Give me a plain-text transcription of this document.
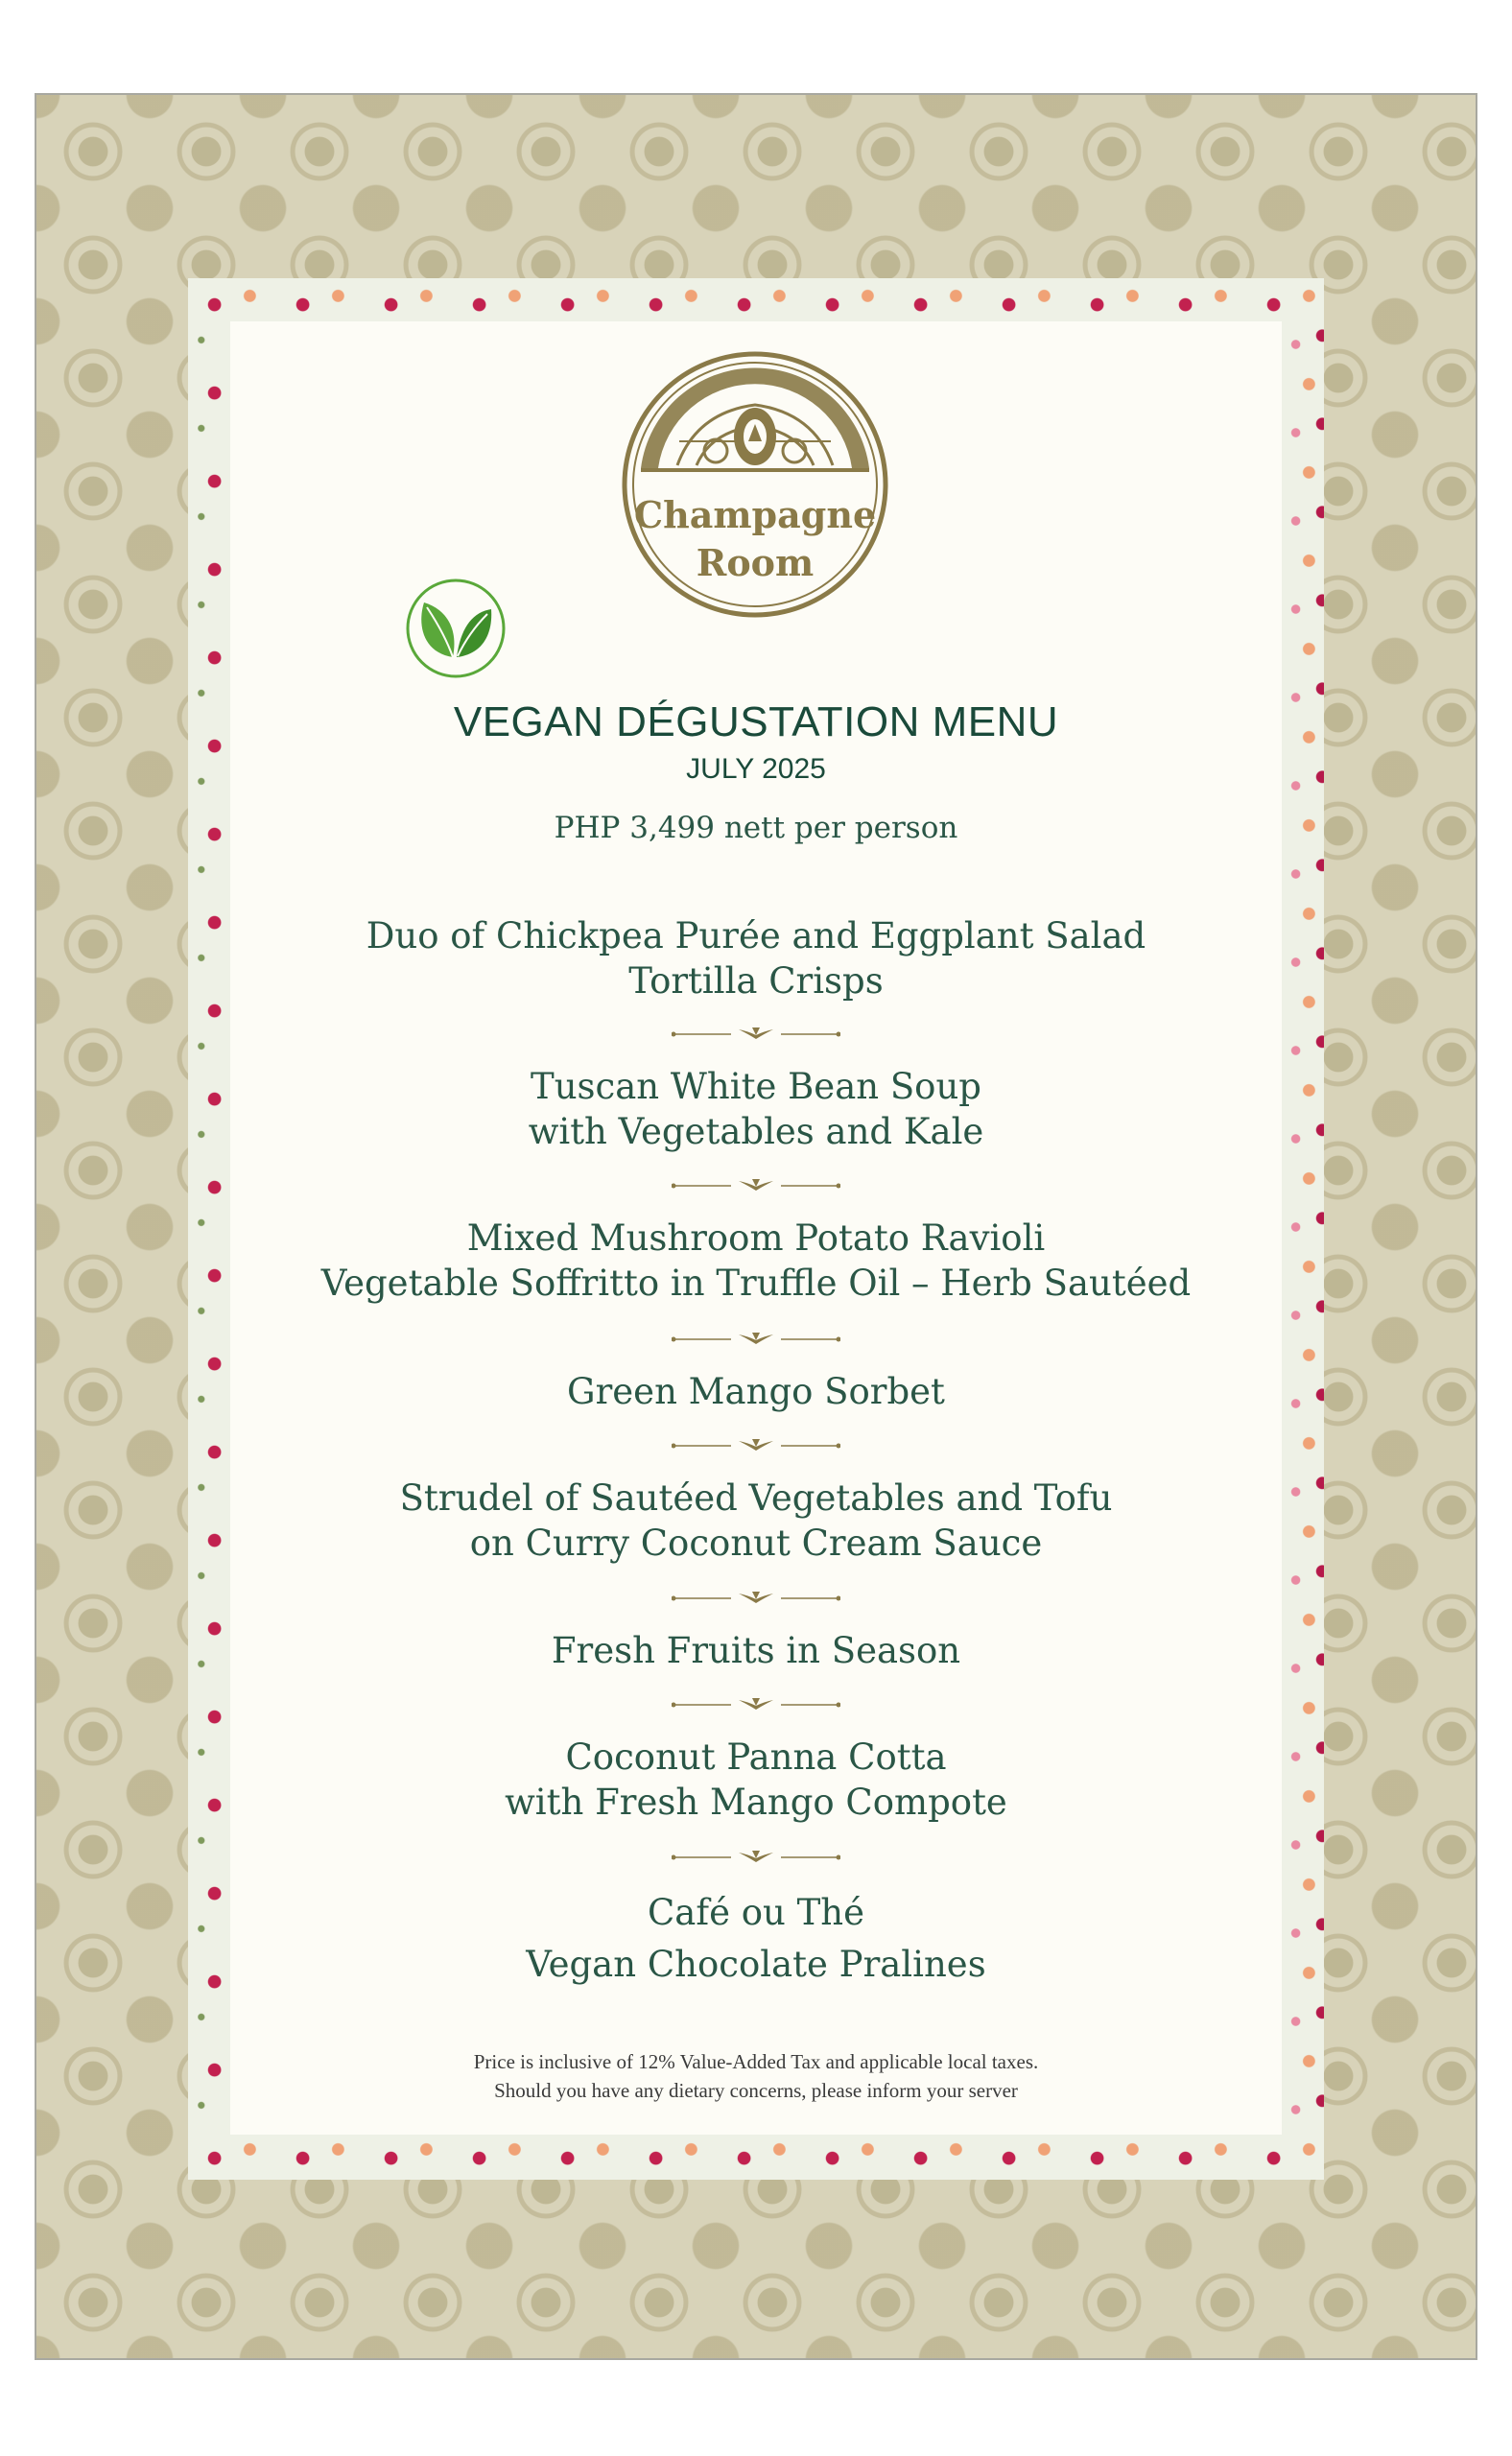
Champagne
Room
VEGAN DÉGUSTATION MENU
JULY 2025
PHP 3,499 nett per person
Duo of Chickpea Purée and Eggplant Salad
Tortilla Crisps
Tuscan White Bean Soup
with Vegetables and Kale
Mixed Mushroom Potato Ravioli
Vegetable Soffritto in Truffle Oil – Herb Sautéed
Green Mango Sorbet
Strudel of Sautéed Vegetables and Tofu
on Curry Coconut Cream Sauce
Fresh Fruits in Season
Coconut Panna Cotta
with Fresh Mango Compote
Café ou Thé
Vegan Chocolate Pralines
Price is inclusive of 12% Value-Added Tax and applicable local taxes.
Should you have any dietary concerns, please inform your server
